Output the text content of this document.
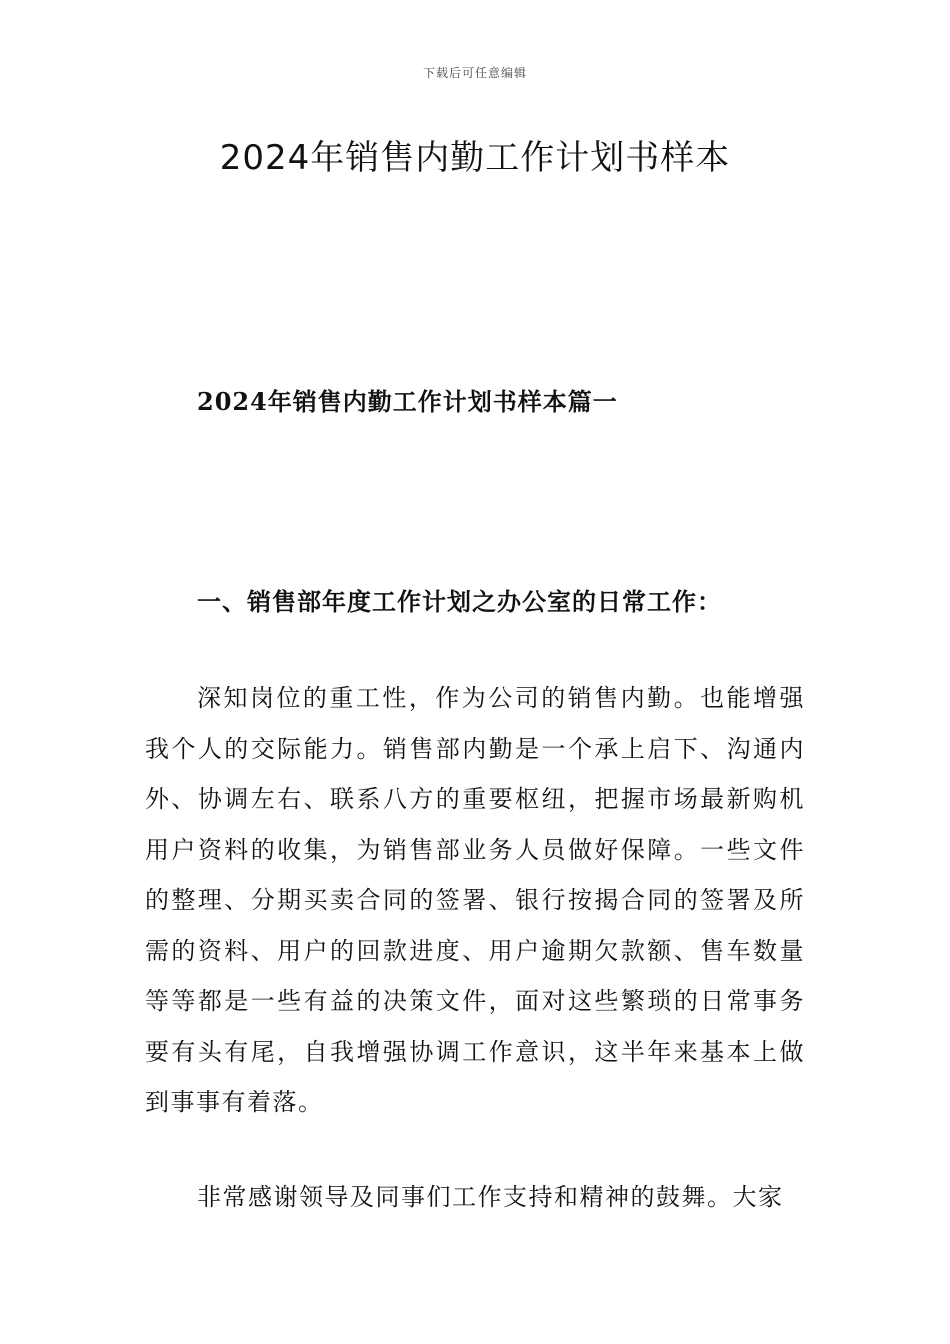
下载后可任意编辑
2024年销售内勤工作计划书样本
2024年销售内勤工作计划书样本篇一
一、销售部年度工作计划之办公室的日常工作：

深知岗位的重工性，作为公司的销售内勤。也能增强我个人的交际能力。销售部内勤是一个承上启下、沟通内外、协调左右、联系八方的重要枢纽，把握市场最新购机用户资料的收集，为销售部业务人员做好保障。一些文件的整理、分期买卖合同的签署、银行按揭合同的签署及所需的资料、用户的回款进度、用户逾期欠款额、售车数量等等都是一些有益的决策文件，面对这些繁琐的日常事务要有头有尾，自我增强协调工作意识，这半年来基本上做到事事有着落。

非常感谢领导及同事们工作支持和精神的鼓舞。大家
